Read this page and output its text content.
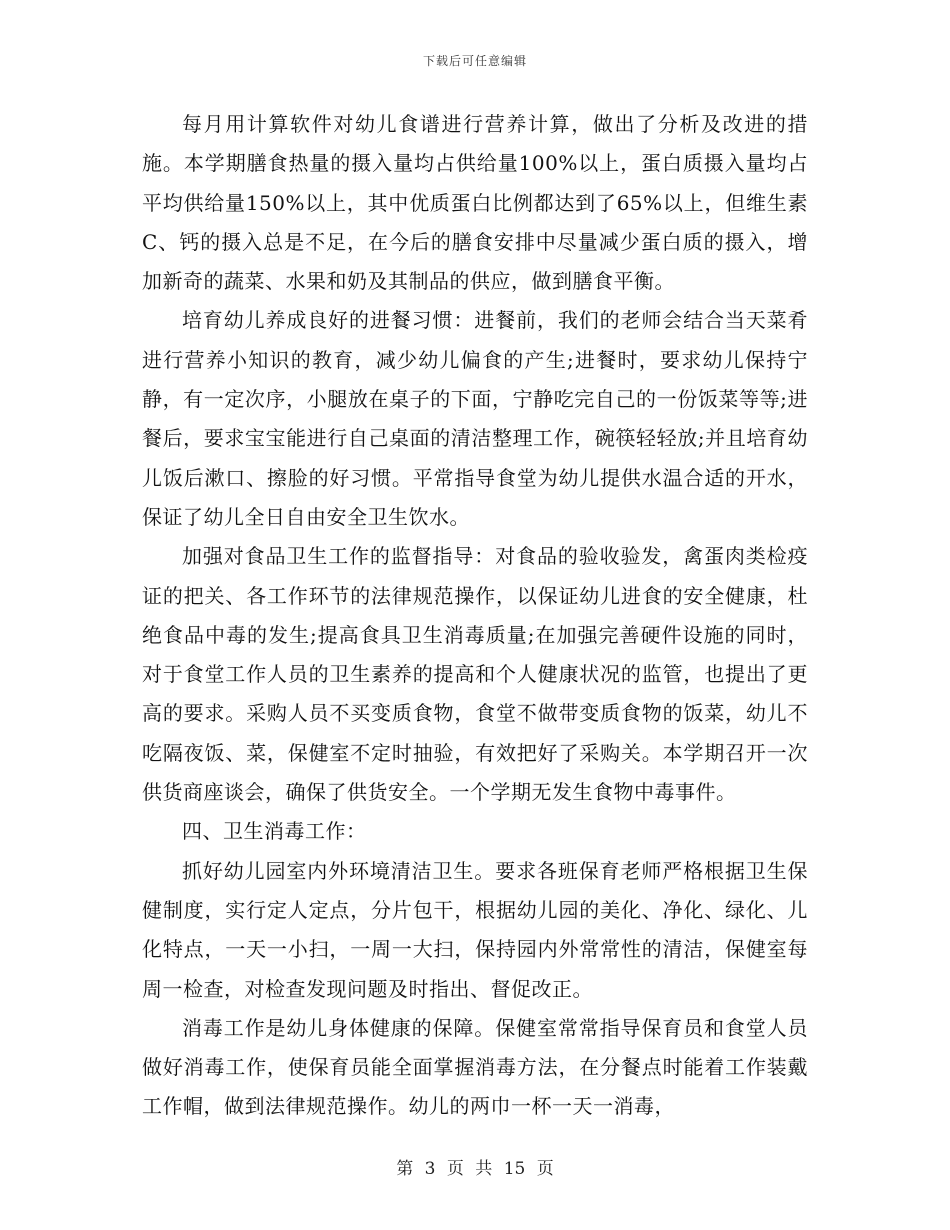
下载后可任意编辑

每月用计算软件对幼儿食谱进行营养计算，做出了分析及改进的措施。本学期膳食热量的摄入量均占供给量100%以上，蛋白质摄入量均占平均供给量150%以上，其中优质蛋白比例都达到了65%以上，但维生素C、钙的摄入总是不足，在今后的膳食安排中尽量减少蛋白质的摄入，增加新奇的蔬菜、水果和奶及其制品的供应，做到膳食平衡。

培育幼儿养成良好的进餐习惯：进餐前，我们的老师会结合当天菜肴进行营养小知识的教育，减少幼儿偏食的产生;进餐时，要求幼儿保持宁静，有一定次序，小腿放在桌子的下面，宁静吃完自己的一份饭菜等等;进餐后，要求宝宝能进行自己桌面的清洁整理工作，碗筷轻轻放;并且培育幼儿饭后漱口、擦脸的好习惯。平常指导食堂为幼儿提供水温合适的开水，保证了幼儿全日自由安全卫生饮水。

加强对食品卫生工作的监督指导：对食品的验收验发，禽蛋肉类检疫证的把关、各工作环节的法律规范操作，以保证幼儿进食的安全健康，杜绝食品中毒的发生;提高食具卫生消毒质量;在加强完善硬件设施的同时，对于食堂工作人员的卫生素养的提高和个人健康状况的监管，也提出了更高的要求。采购人员不买变质食物，食堂不做带变质食物的饭菜，幼儿不吃隔夜饭、菜，保健室不定时抽验，有效把好了采购关。本学期召开一次供货商座谈会，确保了供货安全。一个学期无发生食物中毒事件。

四、卫生消毒工作：

抓好幼儿园室内外环境清洁卫生。要求各班保育老师严格根据卫生保健制度，实行定人定点，分片包干，根据幼儿园的美化、净化、绿化、儿化特点，一天一小扫，一周一大扫，保持园内外常常性的清洁，保健室每周一检查，对检查发现问题及时指出、督促改正。

消毒工作是幼儿身体健康的保障。保健室常常指导保育员和食堂人员做好消毒工作，使保育员能全面掌握消毒方法，在分餐点时能着工作装戴工作帽，做到法律规范操作。幼儿的两巾一杯一天一消毒，

第 3 页 共 15 页
